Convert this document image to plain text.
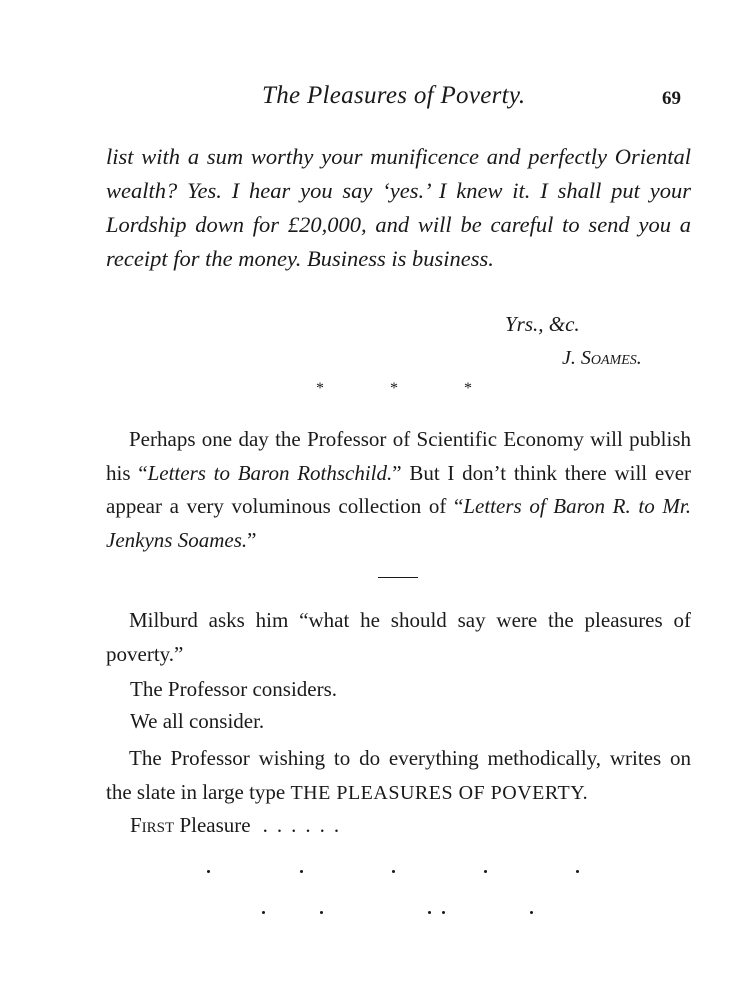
The Pleasures of Poverty.	69
list with a sum worthy your munificence and perfectly Oriental wealth? Yes. I hear you say ‘yes.’ I knew it. I shall put your Lordship down for £20,000, and will be careful to send you a receipt for the money. Business is business.
Yrs., &c.
J. Soames.
* * *
Perhaps one day the Professor of Scientific Economy will publish his “Letters to Baron Rothschild.” But I don’t think there will ever appear a very voluminous collection of “Letters of Baron R. to Mr. Jenkyns Soames.”
Milburd asks him “what he should say were the pleasures of poverty.”
The Professor considers.
We all consider.
The Professor wishing to do everything methodically, writes on the slate in large type THE PLEASURES OF POVERTY.
First Pleasure ......
